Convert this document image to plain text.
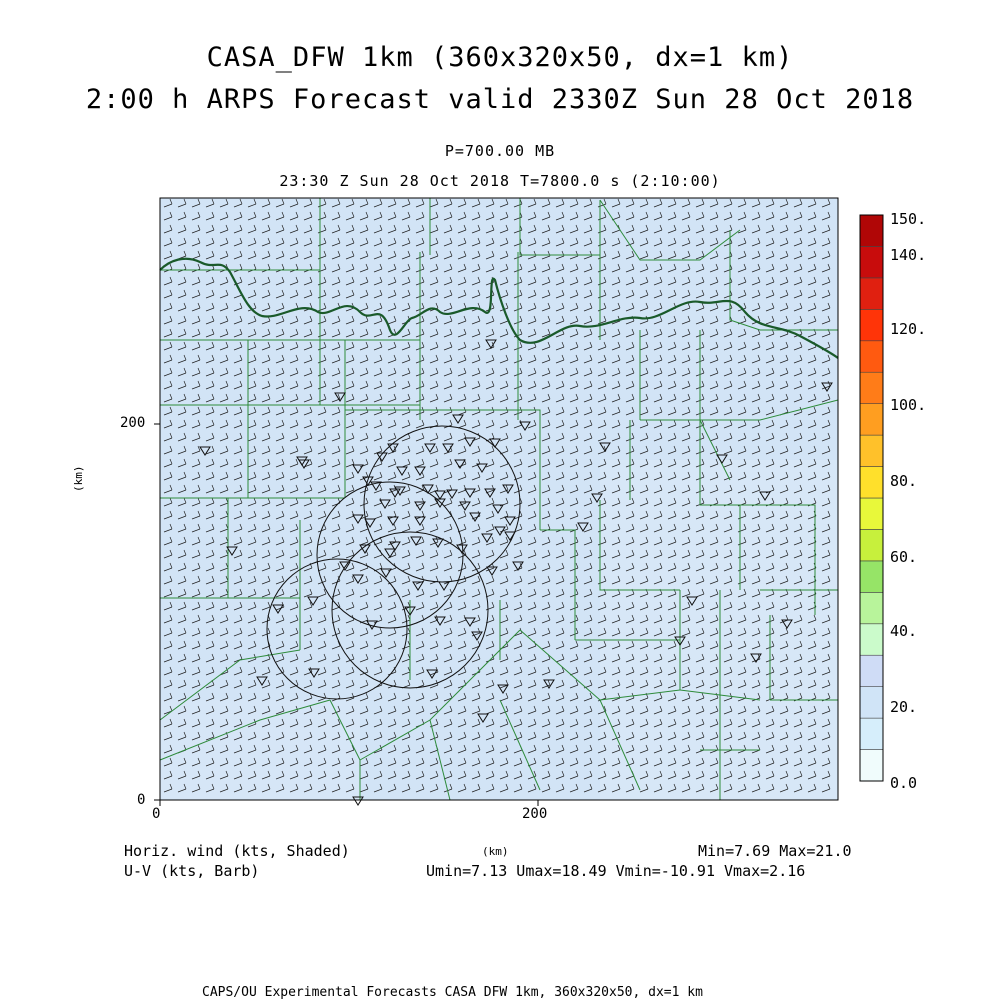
CASA_DFW 1km (360x320x50, dx=1 km)
2:00 h ARPS Forecast valid 2330Z Sun 28 Oct 2018
P=700.00 MB
23:30 Z Sun 28 Oct 2018 T=7800.0 s (2:10:00)
0	200
0
200
(km)
(km)
150.
140.
120.
100.
80.
60.
40.
20.
0.0
Horiz. wind (kts, Shaded)
U-V (kts, Barb)
Min=7.69 Max=21.0
Umin=7.13 Umax=18.49 Vmin=-10.91 Vmax=2.16
CAPS/OU Experimental Forecasts CASA DFW 1km, 360x320x50, dx=1 km
